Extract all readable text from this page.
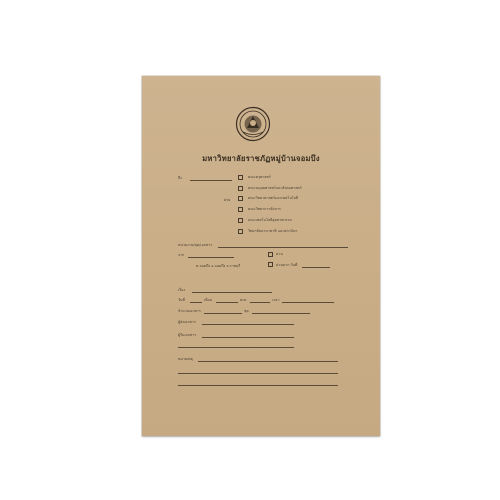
มหาวิทยาลัยราชภัฏหมู่บ้านจอมบึง
ถึง	คณะครุศาสตร์
คณะมนุษยศาสตร์และสังคมศาสตร์
ฝ่าย	คณะวิทยาศาสตร์และเทคโนโลยี
คณะวิทยาการจัดการ
คณะเทคโนโลยีอุตสาหกรรม
วิทยาลัยนานาชาติ และสถาบันฯ
หน่วยงาน/ชุด/เอกสาร
จาก	ด่วน
ต.จอมบึง อ.จอมบึง จ.ราชบุรี	ด่วนมาก วันที่
เรื่อง
วันที่	เดือน	พ.ศ.	เวลา
จำนวนเอกสาร	ชุด
ผู้ส่งเอกสาร
ผู้รับเอกสาร
หมายเหตุ
